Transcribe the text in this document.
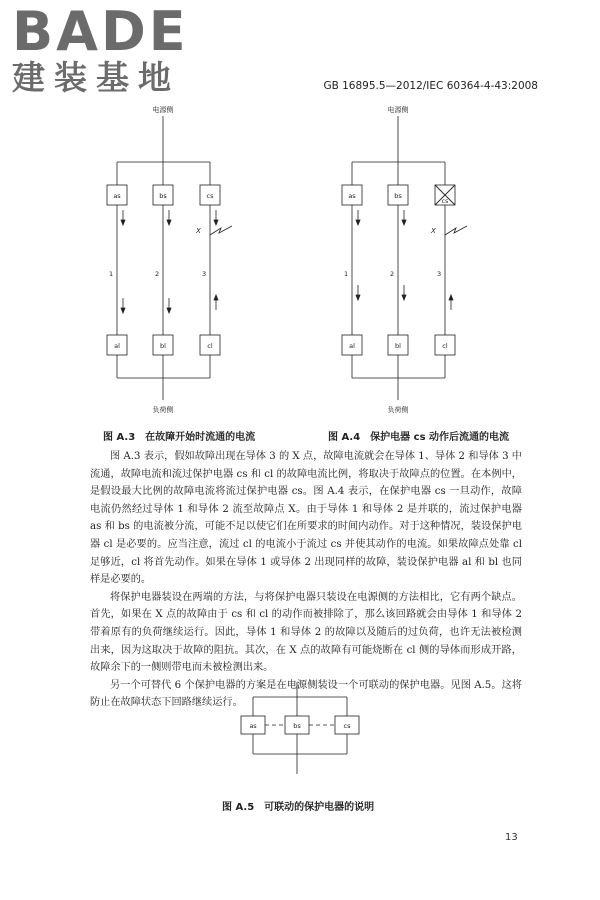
BADE
建装基地	GB 16895.5—2012/IEC 60364-4-43:2008
电源侧
as	bs	cs
1	2	3
X
al	bl	cl
负荷侧
图 A.3　在故障开始时流通的电流
电源侧
as	bs
cs
1	2	3
X
al	bl	cl
负荷侧
图 A.4　保护电器 cs 动作后流通的电流

图 A.3 表示，假如故障出现在导体 3 的 X 点，故障电流就会在导体 1、导体 2 和导体 3 中流通，故障电流和流过保护电器 cs 和 cl 的故障电流比例，将取决于故障点的位置。在本例中，是假设最大比例的故障电流将流过保护电器 cs。图 A.4 表示，在保护电器 cs 一旦动作，故障电流仍然经过导体 1 和导体 2 流至故障点 X。由于导体 1 和导体 2 是并联的，流过保护电器 as 和 bs 的电流被分流，可能不足以使它们在所要求的时间内动作。对于这种情况，装设保护电器 cl 是必要的。应当注意，流过 cl 的电流小于流过 cs 并使其动作的电流。如果故障点处靠 cl 足够近，cl 将首先动作。如果在导体 1 或导体 2 出现同样的故障，装设保护电器 al 和 bl 也同样是必要的。

将保护电器装设在两端的方法，与将保护电器只装设在电源侧的方法相比，它有两个缺点。首先，如果在 X 点的故障由于 cs 和 cl 的动作而被排除了，那么该回路就会由导体 1 和导体 2 带着原有的负荷继续运行。因此，导体 1 和导体 2 的故障以及随后的过负荷，也许无法被检测出来，因为这取决于故障的阻抗。其次，在 X 点的故障有可能烧断在 cl 侧的导体而形成开路，故障余下的一侧则带电而未被检测出来。

另一个可替代 6 个保护电器的方案是在电源侧装设一个可联动的保护电器。见图 A.5。这将防止在故障状态下回路继续运行。

as	bs	cs
图 A.5　可联动的保护电器的说明
13
